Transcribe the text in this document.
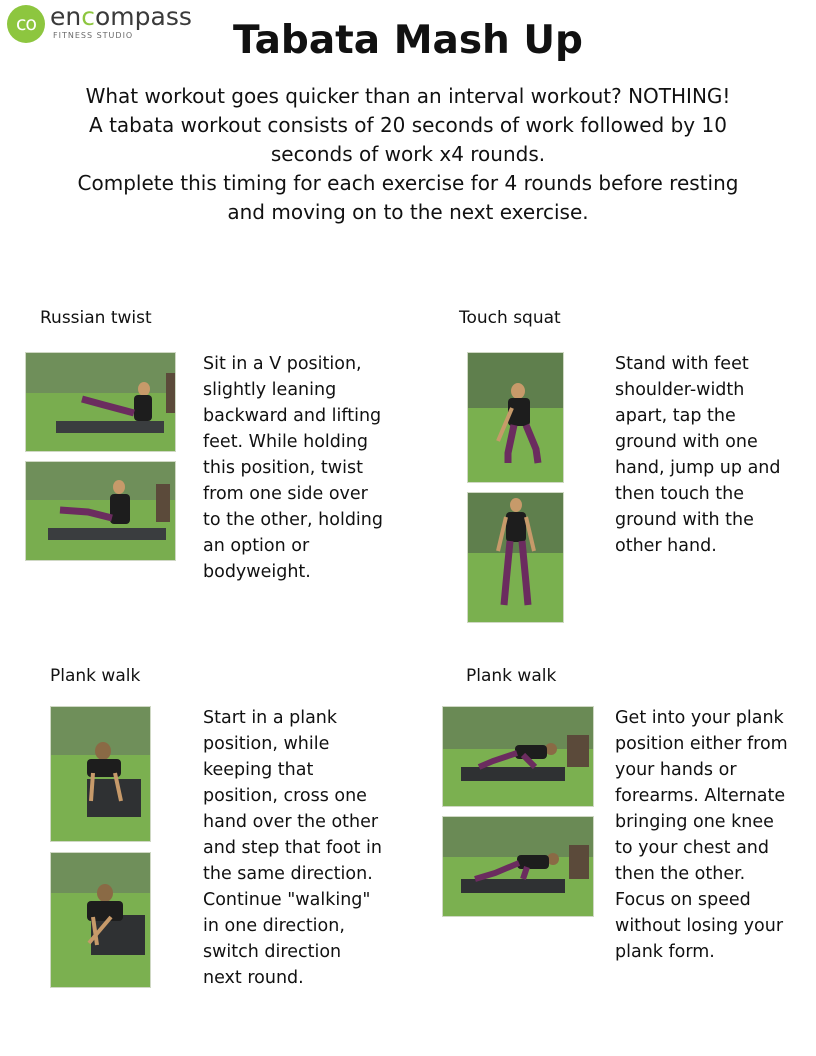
co encompass
FITNESS STUDIO	Tabata Mash Up

What workout goes quicker than an interval workout? NOTHING!

A tabata workout consists of 20 seconds of work followed by 10

seconds of work x4 rounds.

Complete this timing for each exercise for 4 rounds before resting

and moving on to the next exercise.

Russian twist
Sit in a V position,
slightly leaning
backward and lifting
feet. While holding
this position, twist
from one side over
to the other, holding
an option or
bodyweight.
Touch squat
Stand with feet
shoulder-width
apart, tap the
ground with one
hand, jump up and
then touch the
ground with the
other hand.
Plank walk
Start in a plank
position, while
keeping that
position, cross one
hand over the other
and step that foot in
the same direction.
Continue "walking"
in one direction,
switch direction
next round.
Plank walk
Get into your plank
position either from
your hands or
forearms. Alternate
bringing one knee
to your chest and
then the other.
Focus on speed
without losing your
plank form.
